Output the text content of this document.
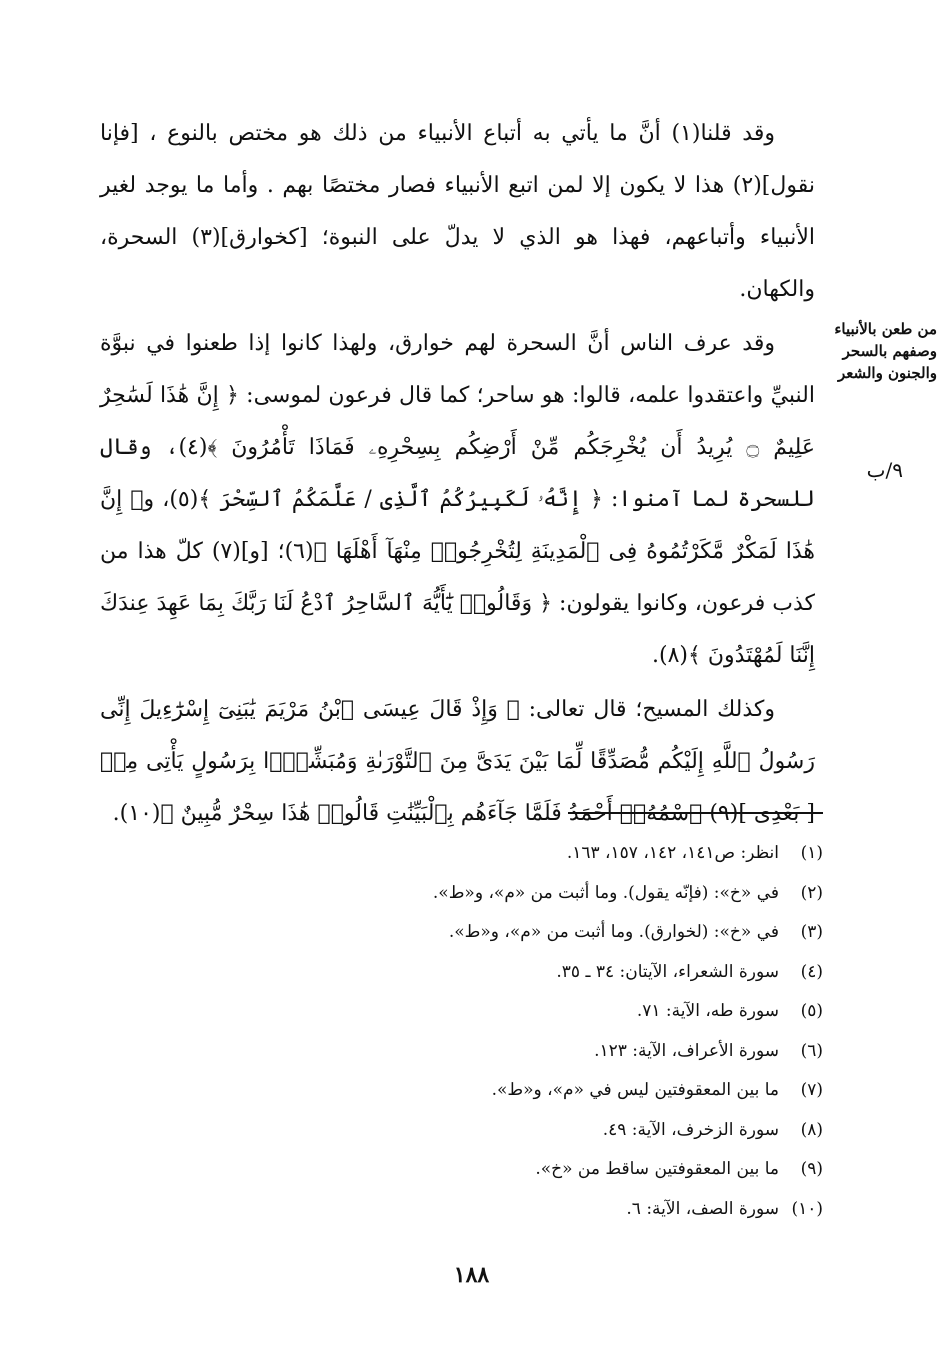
وقد قلنا(١) أنَّ ما يأتي به أتباع الأنبياء من ذلك هو مختص بالنوع ، [فإنا نقول](٢) هذا لا يكون إلا لمن اتبع الأنبياء فصار مختصًا بهم . وأما ما يوجد لغير الأنبياء وأتباعهم، فهذا هو الذي لا يدلّ على النبوة؛ [كخوارق](٣) السحرة، والكهان.

وقد عرف الناس أنَّ السحرة لهم خوارق، ولهذا كانوا إذا طعنوا في نبوَّة النبيِّ واعتقدوا علمه، قالوا: هو ساحر؛ كما قال فرعون لموسى: ﴿ إِنَّ هَٰذَا لَسَٰحِرٌ عَلِيمٌ ۝ يُرِيدُ أَن يُخْرِجَكُم مِّنْ أَرْضِكُم بِسِحْرِهِۦ فَمَاذَا تَأْمُرُونَ ﴾(٤)، وقال للسحرة لما آمنوا: ﴿ إِنَّهُۥ لَكَبِيرُكُمُ ٱلَّذِى / عَلَّمَكُمُ ٱلسِّحْرَ ﴾(٥)، و﴿ إِنَّ هَٰذَا لَمَكْرٌ مَّكَرْتُمُوهُ فِى ٱلْمَدِينَةِ لِتُخْرِجُوا۟ مِنْهَآ أَهْلَهَا ﴾(٦)؛ [و](٧) كلّ هذا من كذب فرعون، وكانوا يقولون: ﴿ وَقَالُوا۟ يَٰٓأَيُّهَ ٱلسَّاحِرُ ٱدْعُ لَنَا رَبَّكَ بِمَا عَهِدَ عِندَكَ إِنَّنَا لَمُهْتَدُونَ ﴾(٨).

وكذلك المسيح؛ قال تعالى: ﴿ وَإِذْ قَالَ عِيسَى ٱبْنُ مَرْيَمَ يَٰبَنِىٓ إِسْرَٰٓءِيلَ إِنِّى رَسُولُ ٱللَّهِ إِلَيْكُم مُّصَدِّقًا لِّمَا بَيْنَ يَدَىَّ مِنَ ٱلتَّوْرَىٰةِ وَمُبَشِّرًۢا بِرَسُولٍ يَأْتِى مِنۢ [ بَعْدِى ](٩) ٱسْمُهُۥٓ أَحْمَدُ فَلَمَّا جَآءَهُم بِٱلْبَيِّنَٰتِ قَالُوا۟ هَٰذَا سِحْرٌ مُّبِينٌ ﴾(١٠).

من طعن بالأنبياء وصفهم بالسحر والجنون والشعر
٩/ب
(١)انظر: ص١٤١، ١٤٢، ١٥٧، ١٦٣.
(٢)في «خ»: (فإنّه يقول). وما أثبت من «م»، و«ط».
(٣)في «خ»: (لخوارق). وما أثبت من «م»، و«ط».
(٤)سورة الشعراء، الآيتان: ٣٤ ـ ٣٥.
(٥)سورة طه، الآية: ٧١.
(٦)سورة الأعراف، الآية: ١٢٣.
(٧)ما بين المعقوفتين ليس في «م»، و«ط».
(٨)سورة الزخرف، الآية: ٤٩.
(٩)ما بين المعقوفتين ساقط من «خ».
(١٠)سورة الصف، الآية: ٦.
١٨٨
